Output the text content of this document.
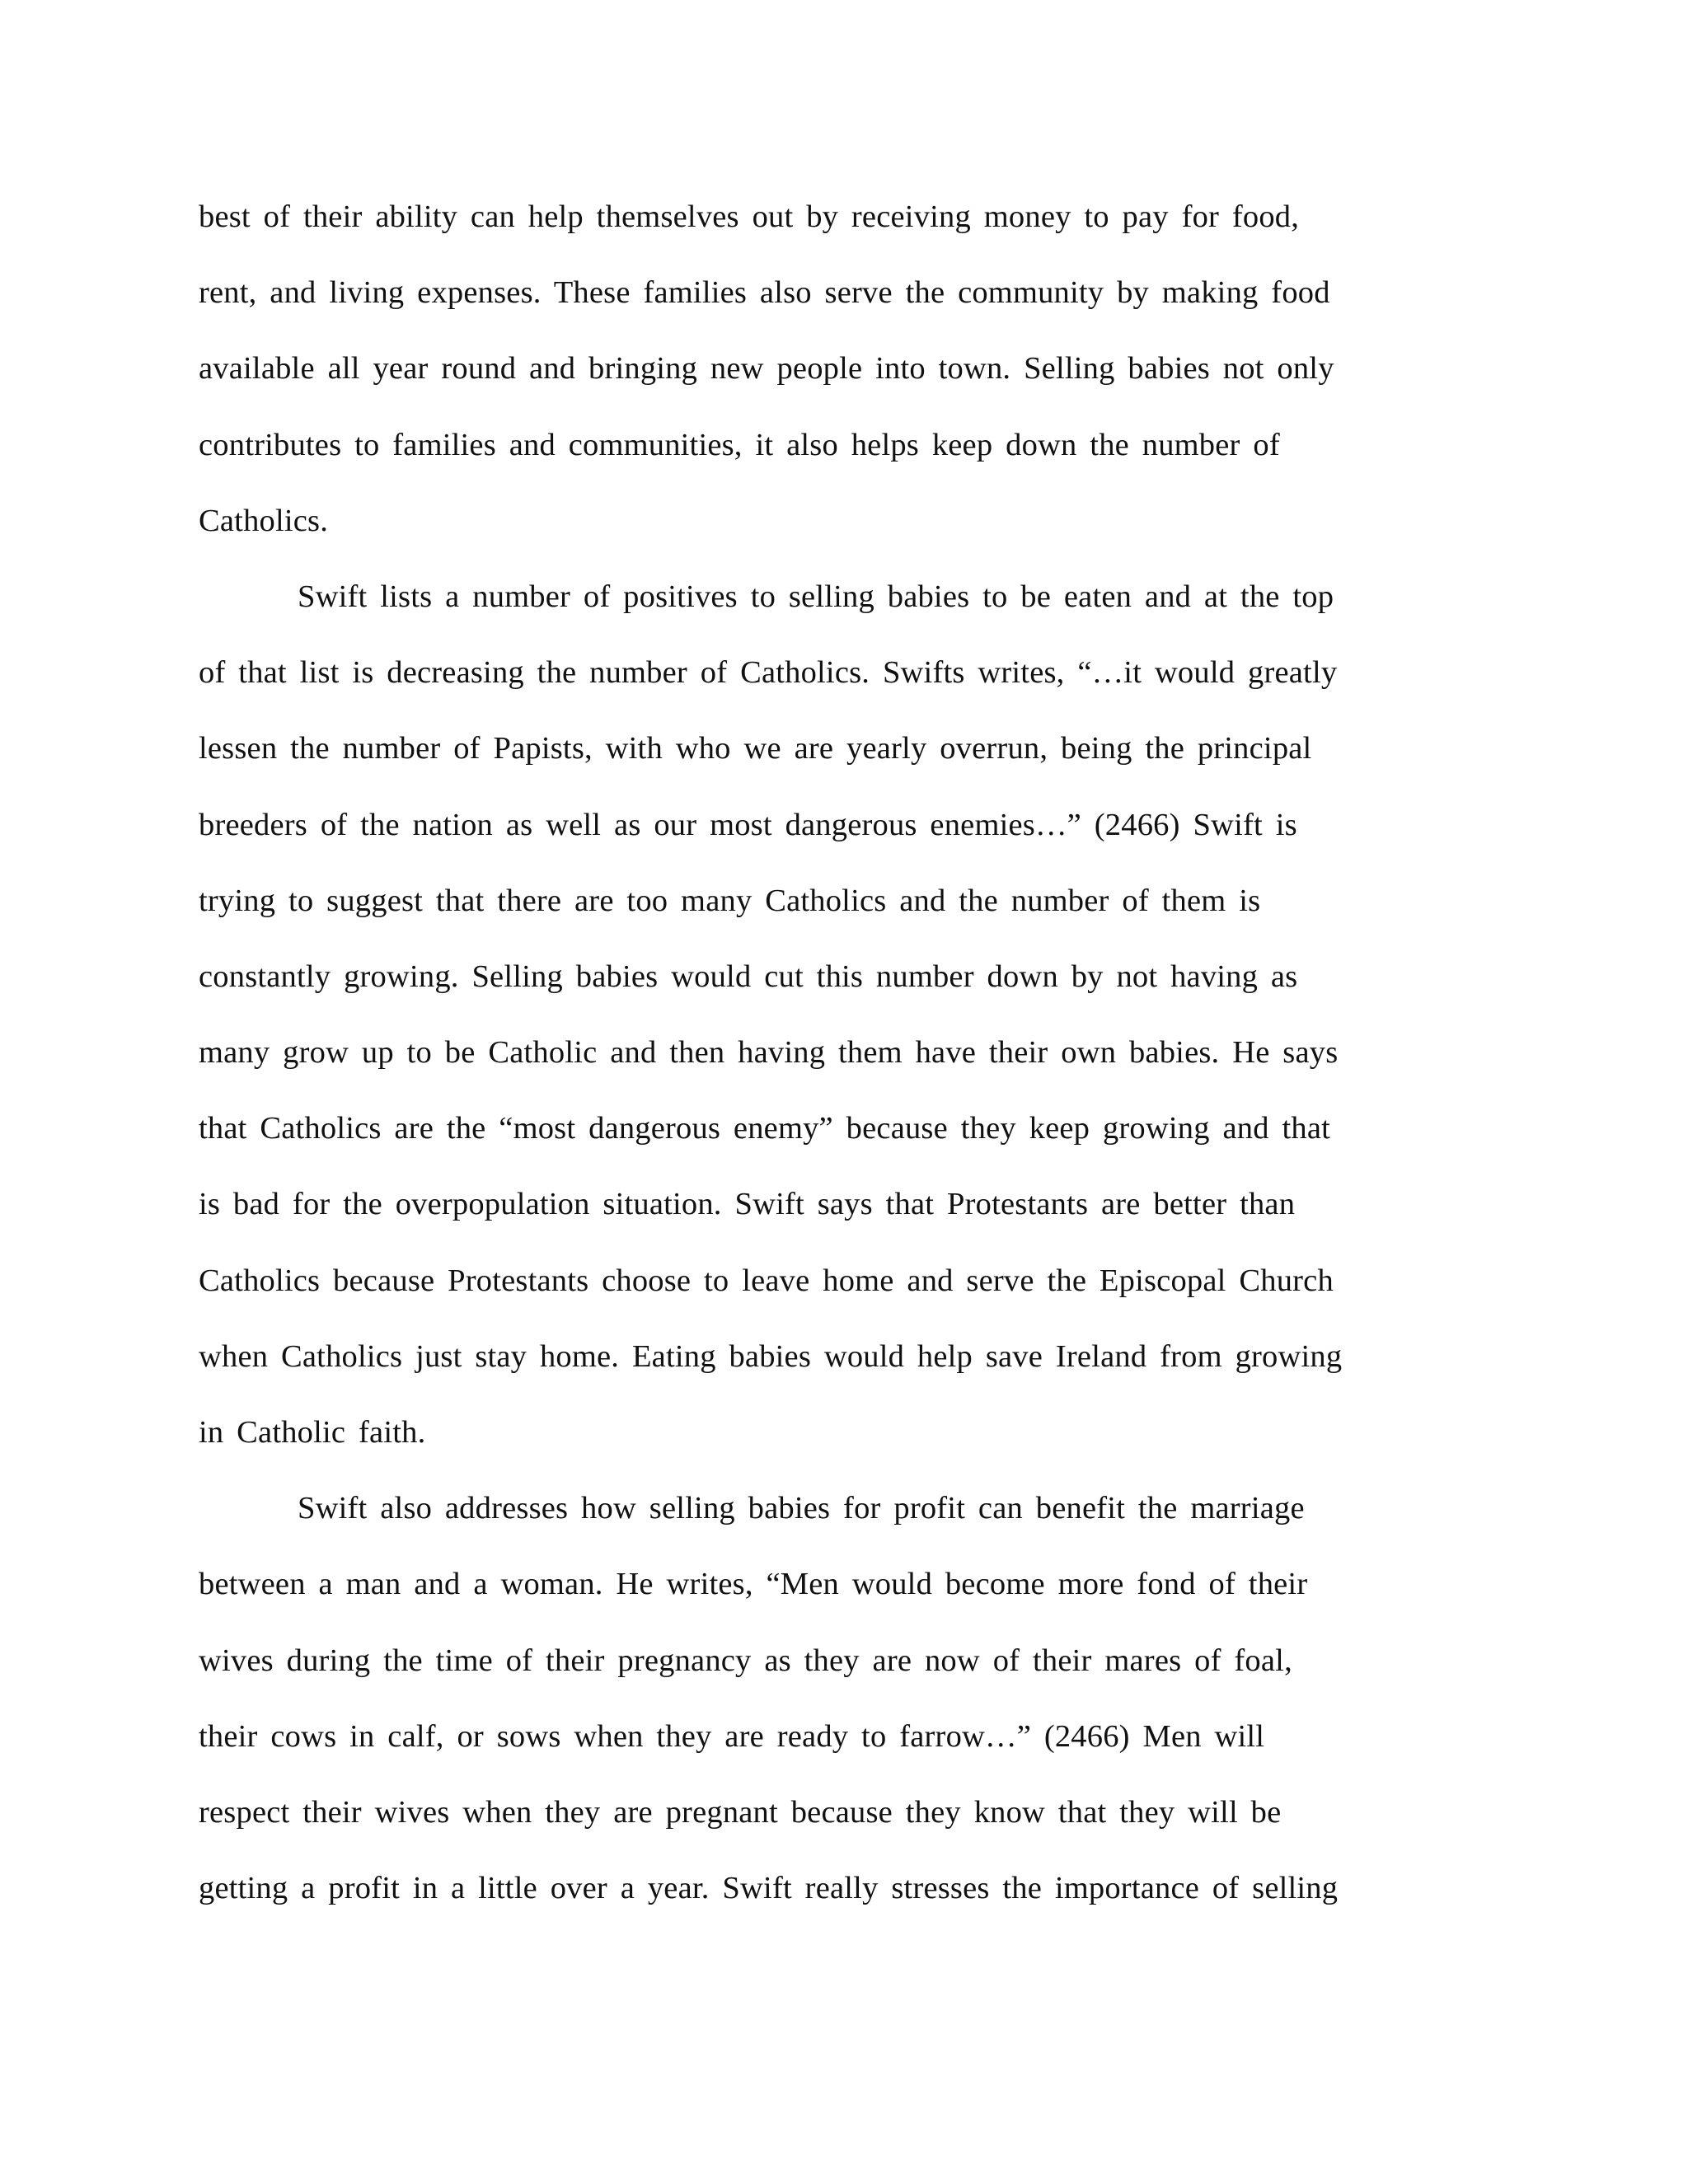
best of their ability can help themselves out by receiving money to pay for food,
rent, and living expenses. These families also serve the community by making food
available all year round and bringing new people into town. Selling babies not only
contributes to families and communities, it also helps keep down the number of
Catholics.
Swift lists a number of positives to selling babies to be eaten and at the top
of that list is decreasing the number of Catholics. Swifts writes, “…it would greatly
lessen the number of Papists, with who we are yearly overrun, being the principal
breeders of the nation as well as our most dangerous enemies…” (2466) Swift is
trying to suggest that there are too many Catholics and the number of them is
constantly growing. Selling babies would cut this number down by not having as
many grow up to be Catholic and then having them have their own babies. He says
that Catholics are the “most dangerous enemy” because they keep growing and that
is bad for the overpopulation situation. Swift says that Protestants are better than
Catholics because Protestants choose to leave home and serve the Episcopal Church
when Catholics just stay home. Eating babies would help save Ireland from growing
in Catholic faith.
Swift also addresses how selling babies for profit can benefit the marriage
between a man and a woman. He writes, “Men would become more fond of their
wives during the time of their pregnancy as they are now of their mares of foal,
their cows in calf, or sows when they are ready to farrow…” (2466) Men will
respect their wives when they are pregnant because they know that they will be
getting a profit in a little over a year. Swift really stresses the importance of selling
